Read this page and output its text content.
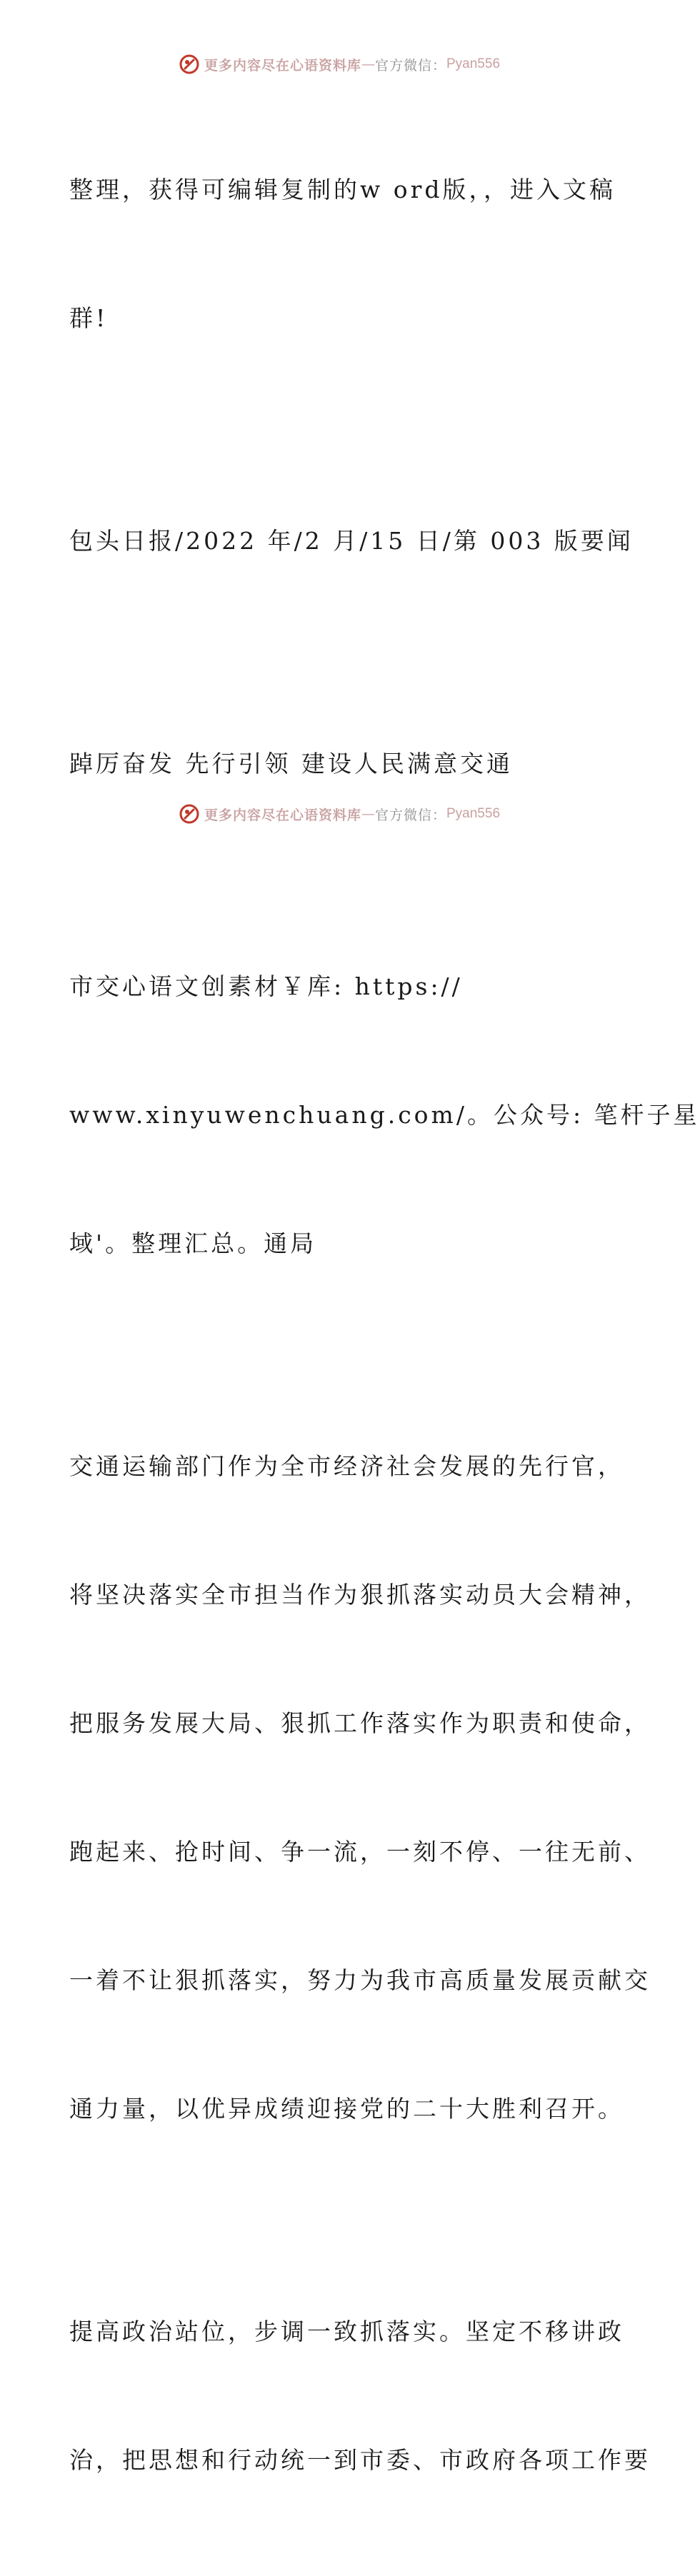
更多内容尽在心语资料库 — 官方微信： Pyan556

整理，获得可编辑复制的w ord版，，进入文稿

群!

包头日报/2022 年/2 月/15 日/第 003 版要闻

踔厉奋发 先行引领 建设人民满意交通

市交心语文创素材￥库: https://

www.xinyuwenchuang.com/。公众号: 笔杆子星

域'。整理汇总。通局

交通运输部门作为全市经济社会发展的先行官，

将坚决落实全市担当作为狠抓落实动员大会精神，

把服务发展大局、狠抓工作落实作为职责和使命，

跑起来、抢时间、争一流，一刻不停、一往无前、

一着不让狠抓落实，努力为我市高质量发展贡献交

通力量，以优异成绩迎接党的二十大胜利召开。

提高政治站位，步调一致抓落实。坚定不移讲政

治，把思想和行动统一到市委、市政府各项工作要

更多内容尽在心语资料库 — 官方微信： Pyan556
